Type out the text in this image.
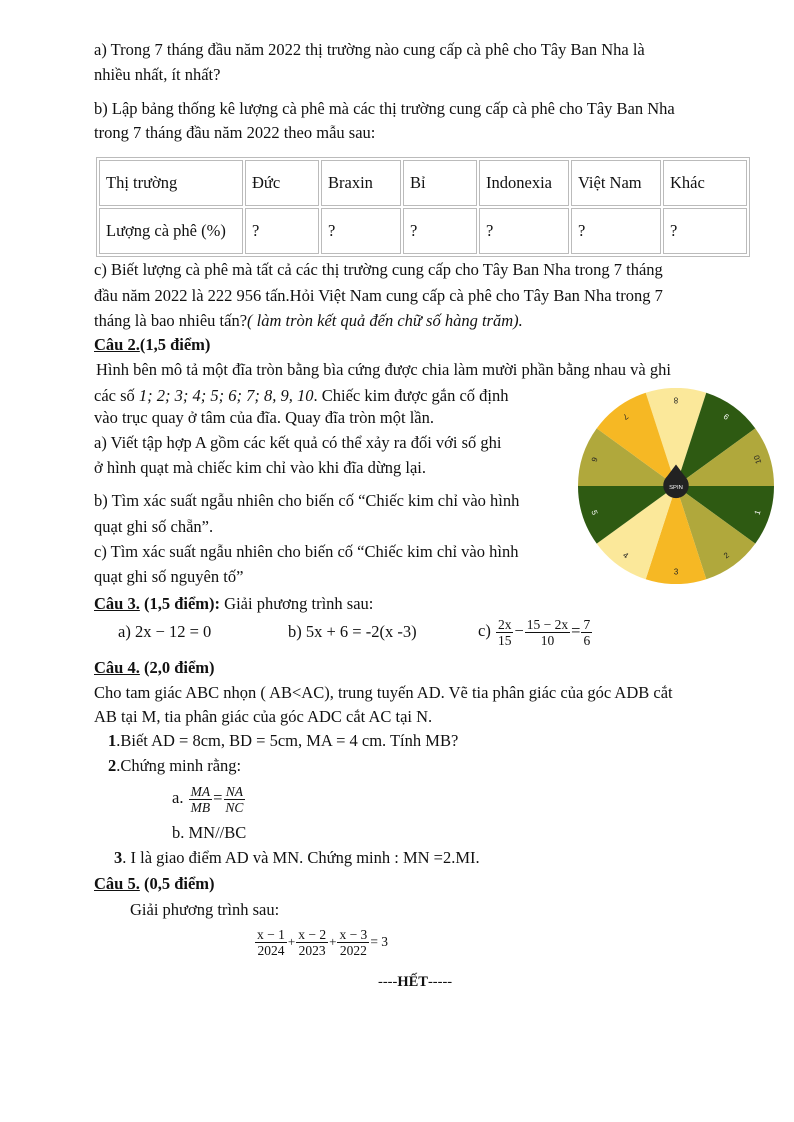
a) Trong 7 tháng đầu năm 2022 thị trường nào cung cấp cà phê cho Tây Ban Nha là
nhiều nhất, ít nhất?
b) Lập bảng thống kê lượng cà phê mà các thị trường cung cấp cà phê cho Tây Ban Nha
trong 7 tháng đầu năm 2022 theo mẫu sau:
Thị trường	Đức	Braxin	Bỉ	Indonexia	Việt Nam	Khác
Lượng cà phê (%)	?	?	?	?	?	?
c) Biết lượng cà phê mà tất cả các thị trường cung cấp cho Tây Ban Nha trong 7 tháng
đầu năm 2022 là 222 956 tấn.Hỏi Việt Nam cung cấp cà phê cho Tây Ban Nha trong 7
tháng là bao nhiêu tấn?( làm tròn kết quả đến chữ số hàng trăm).
Câu 2.(1,5 điểm)
Hình bên mô tả một đĩa tròn bằng bìa cứng được chia làm mười phần bằng nhau và ghi
các số 1; 2; 3; 4; 5; 6; 7; 8, 9, 10. Chiếc kim được gắn cố định
vào trục quay ở tâm của đĩa. Quay đĩa tròn một lần.
a) Viết tập hợp A gồm các kết quả có thể xảy ra đối với số ghi
ở hình quạt mà chiếc kim chỉ vào khi đĩa dừng lại.
b) Tìm xác suất ngẫu nhiên cho biến cố “Chiếc kim chỉ vào hình
quạt ghi số chẵn”.
c) Tìm xác suất ngẫu nhiên cho biến cố “Chiếc kim chỉ vào hình
quạt ghi số nguyên tố”
8
9
10
1
2
3
4
5
6
7
SPIN
Câu 3. (1,5 điểm): Giải phương trình sau:
a) 2x − 12 = 0	b) 5x + 6 = -2(x -3)	$c) \frac{2x}{15} - \frac{15 - 2x}{10} = \frac{7}{6}$
Câu 4. (2,0 điểm)
Cho tam giác ABC nhọn ( AB<AC), trung tuyến AD. Vẽ tia phân giác của góc ADB cắt
AB tại M, tia phân giác của góc ADC cắt AC tại N.
1.Biết AD = 8cm, BD = 5cm, MA = 4 cm. Tính MB?
2.Chứng minh rằng:
a. $\frac{MA}{MB} = \frac{NA}{NC}$
b. MN//BC
3. I là giao điểm AD và MN. Chứng minh : MN =2.MI.
Câu 5. (0,5 điểm)
Giải phương trình sau:
$\frac{x - 1}{2024} + \frac{x - 2}{2023} + \frac{x - 3}{2022} = 3$
----HẾT-----
